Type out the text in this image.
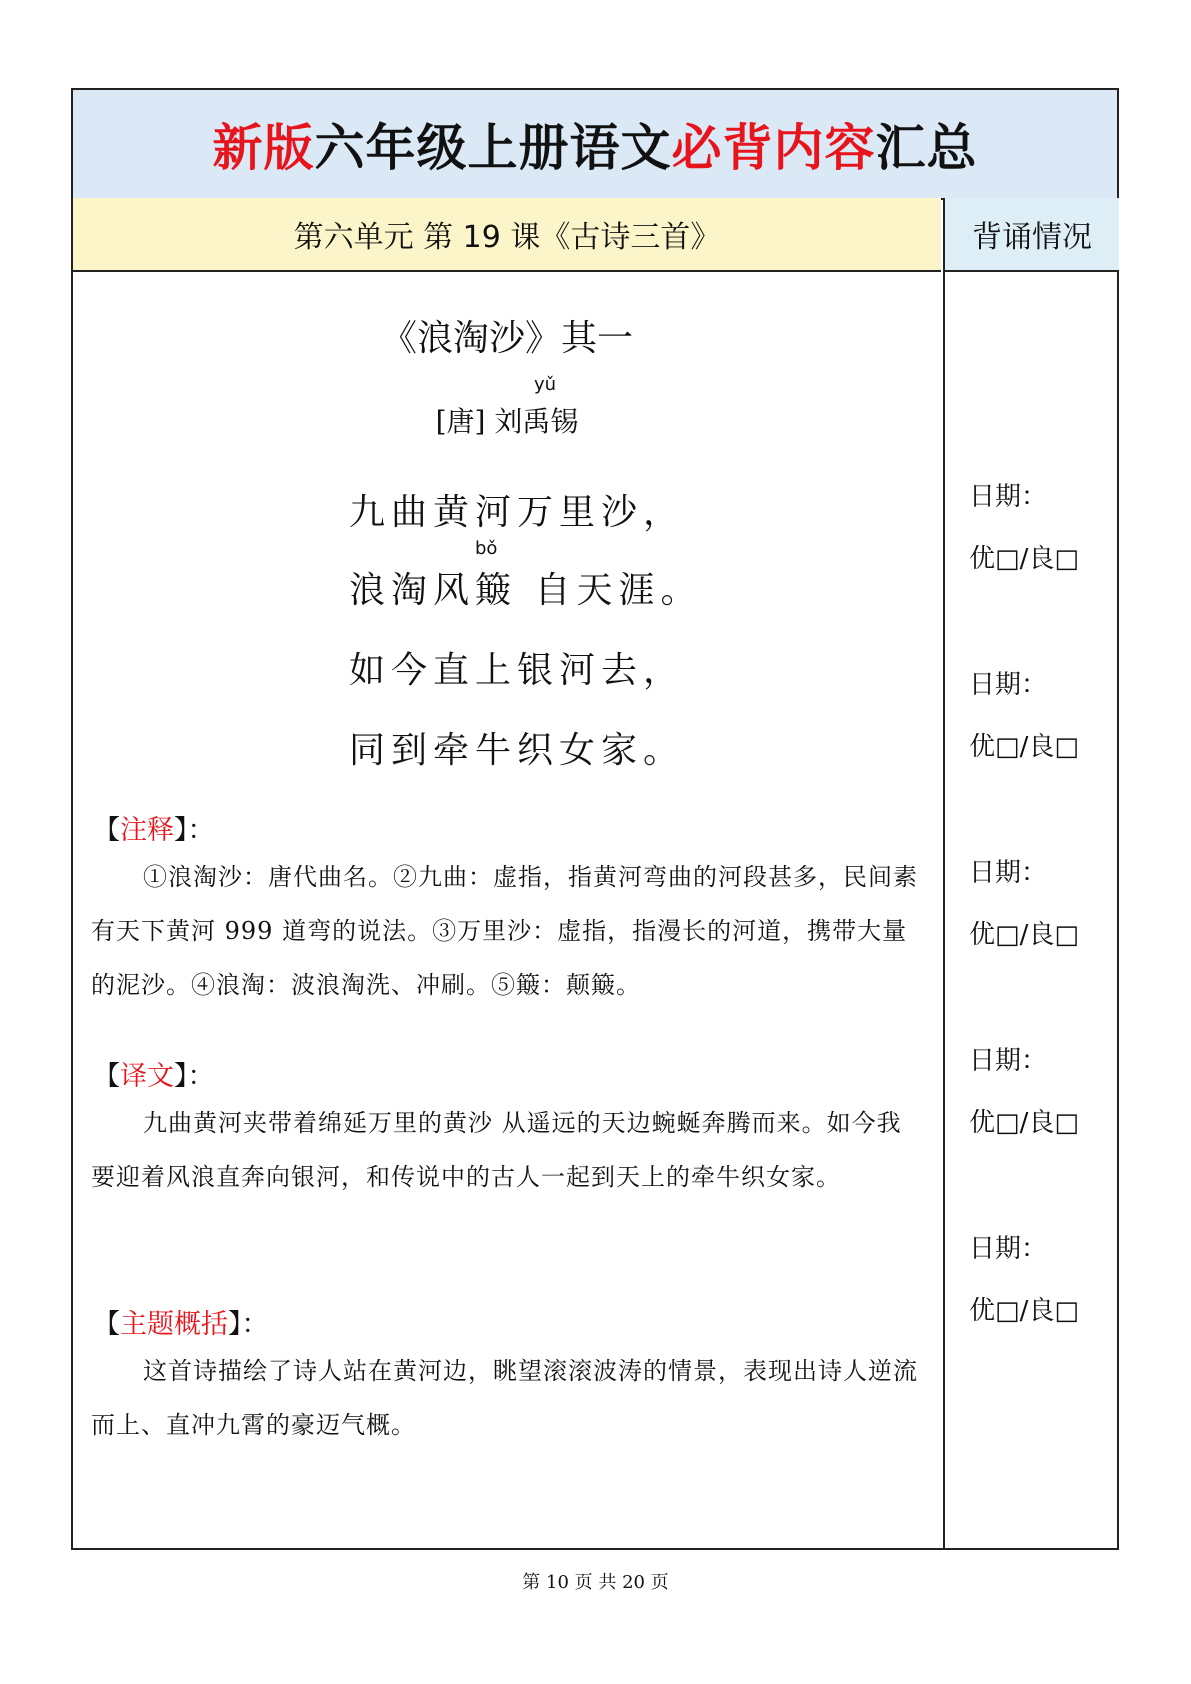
新版六年级上册语文必背内容汇总
第六单元 第 19 课《古诗三首》	背诵情况
《浪淘沙》其一
yǔ
[唐] 刘禹锡
九曲黄河万里沙，
bǒ
浪淘风簸 自天涯。
如今直上银河去，
同到牵牛织女家。
【注释】：
①浪淘沙：唐代曲名。②九曲：虚指，指黄河弯曲的河段甚多，民间素有天下黄河 999 道弯的说法。③万里沙：虚指，指漫长的河道，携带大量的泥沙。④浪淘：波浪淘洗、冲刷。⑤簸：颠簸。
【译文】：
九曲黄河夹带着绵延万里的黄沙 从遥远的天边蜿蜒奔腾而来。如今我要迎着风浪直奔向银河，和传说中的古人一起到天上的牵牛织女家。
【主题概括】：
这首诗描绘了诗人站在黄河边，眺望滚滚波涛的情景，表现出诗人逆流而上、直冲九霄的豪迈气概。
日期：
优□/良□
日期：
优□/良□
日期：
优□/良□
日期：
优□/良□
日期：
优□/良□
第 10 页 共 20 页
